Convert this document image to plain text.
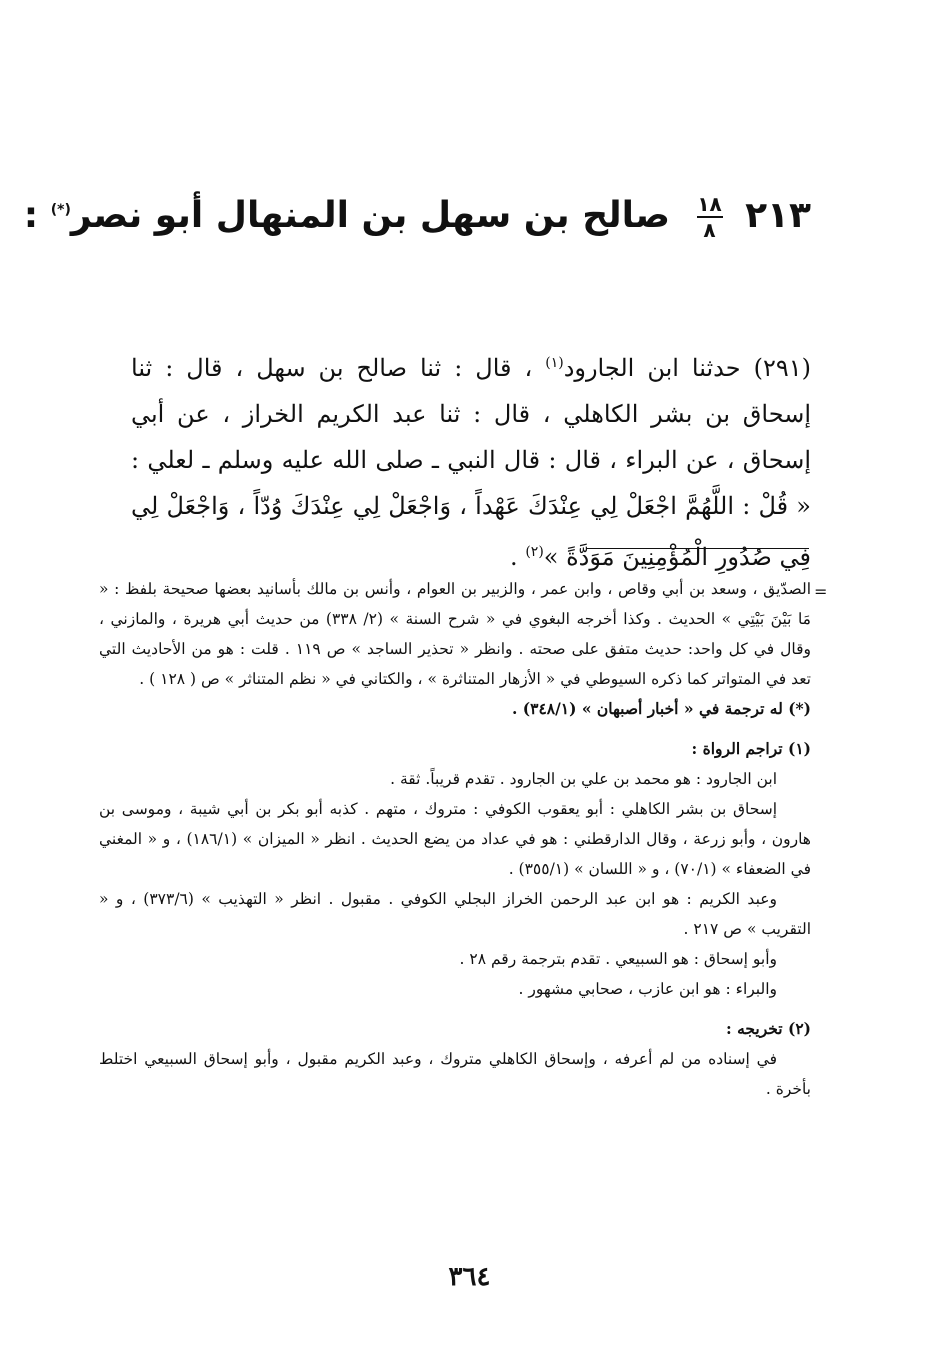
٢١٣
$\frac{١٨}{٨}$
صالح بن سهل بن المنهال أبو نصر(*) :
(٢٩١) حدثنا ابن الجارود$^{(١)}$ ، قال : ثنا صالح بن سهل ، قال : ثنا إسحاق بن بشر الكاهلي ، قال : ثنا عبد الكريم الخراز ، عن أبي إسحاق ، عن البراء ، قال : قال النبي ـ صلى الله عليه وسلم ـ لعلي : « قُلْ : اللَّهُمَّ اجْعَلْ لِي عِنْدَكَ عَهْداً ، وَاجْعَلْ لِي عِنْدَكَ وُدّاً ، وَاجْعَلْ لِي فِي صُدُورِ الْمُؤْمِنِينَ مَوَدَّةً »$^{(٢)}$ .
=

الصدّيق ، وسعد بن أبي وقاص ، وابن عمر ، والزبير بن العوام ، وأنس بن مالك بأسانيد بعضها صحيحة بلفظ : « مَا بَيْنَ بَيْتِي » الحديث . وكذا أخرجه البغوي في « شرح السنة » (٢/ ٣٣٨) من حديث أبي هريرة ، والمازني ، وقال في كل واحد: حديث متفق على صحته . وانظر « تحذير الساجد » ص ١١٩ . قلت : هو من الأحاديث التي تعد في المتواتر كما ذكره السيوطي في « الأزهار المتناثرة » ، والكتاني في « نظم المتناثر » ص ( ١٢٨ ) .

(*) له ترجمة في « أخبار أصبهان » (٣٤٨/١) .

(١) تراجم الرواة :

ابن الجارود : هو محمد بن علي بن الجارود . تقدم قريباً. ثقة .

إسحاق بن بشر الكاهلي : أبو يعقوب الكوفي : متروك ، متهم . كذبه أبو بكر بن أبي شيبة ، وموسى بن هارون ، وأبو زرعة ، وقال الدارقطني : هو في عداد من يضع الحديث . انظر « الميزان » (١٨٦/١) ، و « المغني في الضعفاء » (٧٠/١) ، و « اللسان » (٣٥٥/١) .

وعبد الكريم : هو ابن عبد الرحمن الخراز البجلي الكوفي . مقبول . انظر « التهذيب » (٣٧٣/٦) ، و « التقريب » ص ٢١٧ .

وأبو إسحاق : هو السبيعي . تقدم بترجمة رقم ٢٨ .

والبراء : هو ابن عازب ، صحابي مشهور .

(٢) تخريجه :

في إسناده من لم أعرفه ، وإسحاق الكاهلي متروك ، وعبد الكريم مقبول ، وأبو إسحاق السبيعي اختلط بأخرة .

٣٦٤
